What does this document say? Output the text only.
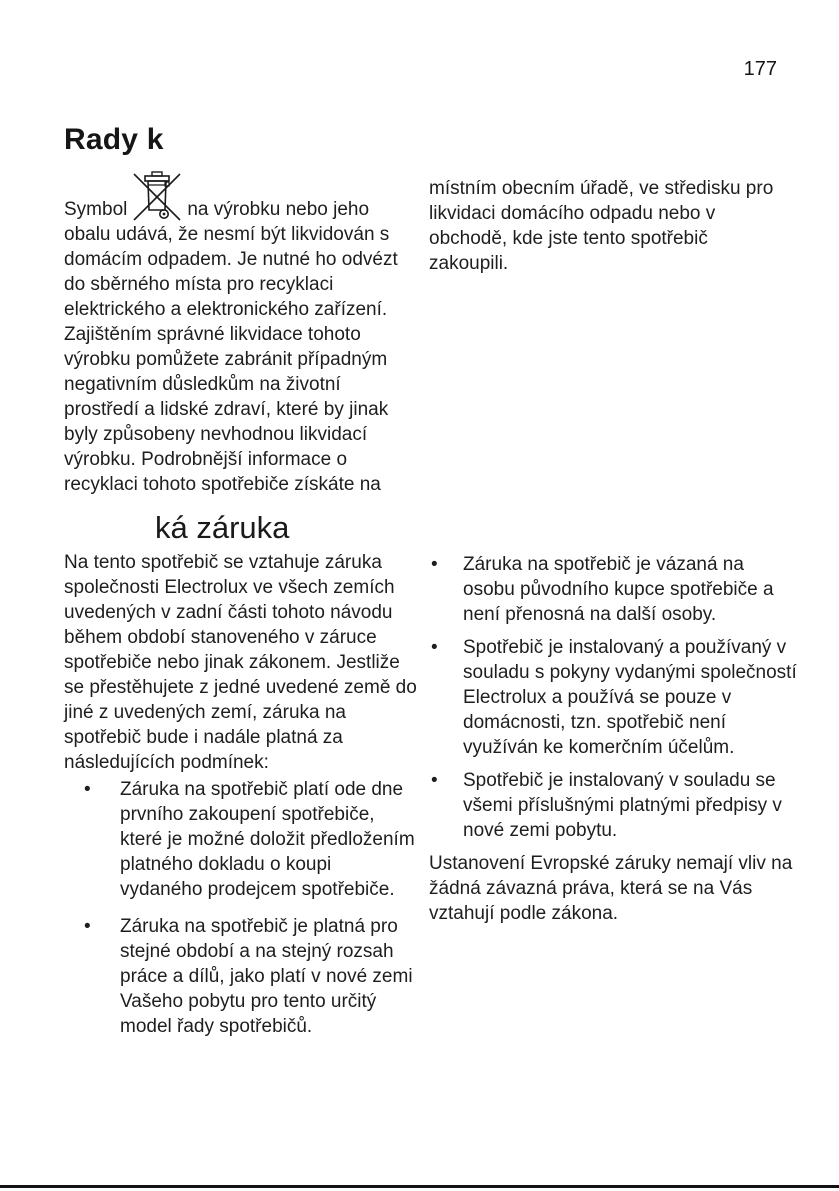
177
Rady k

Symbol	na výrobku nebo jeho obalu udává, že nesmí být likvidován s domácím odpadem. Je nutné ho odvézt do sběrného místa pro recyklaci elektrického a elektronického zařízení. Zajištěním správné likvidace tohoto výrobku pomůžete zabránit případným negativním důsledkům na životní prostředí a lidské zdraví, které by jinak byly způsobeny nevhodnou likvidací výrobku. Podrobnější informace o recyklaci tohoto spotřebiče získáte na

místním obecním úřadě, ve středisku pro likvidaci domácího odpadu nebo v obchodě, kde jste tento spotřebič zakoupili.

ká záruka

Na tento spotřebič se vztahuje záruka společnosti Electrolux ve všech zemích uvedených v zadní části tohoto návodu během období stanoveného v záruce spotřebiče nebo jinak zákonem. Jestliže se přestěhujete z jedné uvedené země do jiné z uvedených zemí, záruka na spotřebič bude i nadále platná za následujících podmínek:

•	Záruka na spotřebič platí ode dne prvního zakoupení spotřebiče, které je možné doložit předložením platného dokladu o koupi vydaného prodejcem spotřebiče.
•	Záruka na spotřebič je platná pro stejné období a na stejný rozsah práce a dílů, jako platí v nové zemi Vašeho pobytu pro tento určitý model řady spotřebičů.
•	Záruka na spotřebič je vázaná na osobu původního kupce spotřebiče a není přenosná na další osoby.
•	Spotřebič je instalovaný a používaný v souladu s pokyny vydanými společností Electrolux a používá se pouze v domácnosti, tzn. spotřebič není využíván ke komerčním účelům.
•	Spotřebič je instalovaný v souladu se všemi příslušnými platnými předpisy v nové zemi pobytu.

Ustanovení Evropské záruky nemají vliv na žádná závazná práva, která se na Vás vztahují podle zákona.
